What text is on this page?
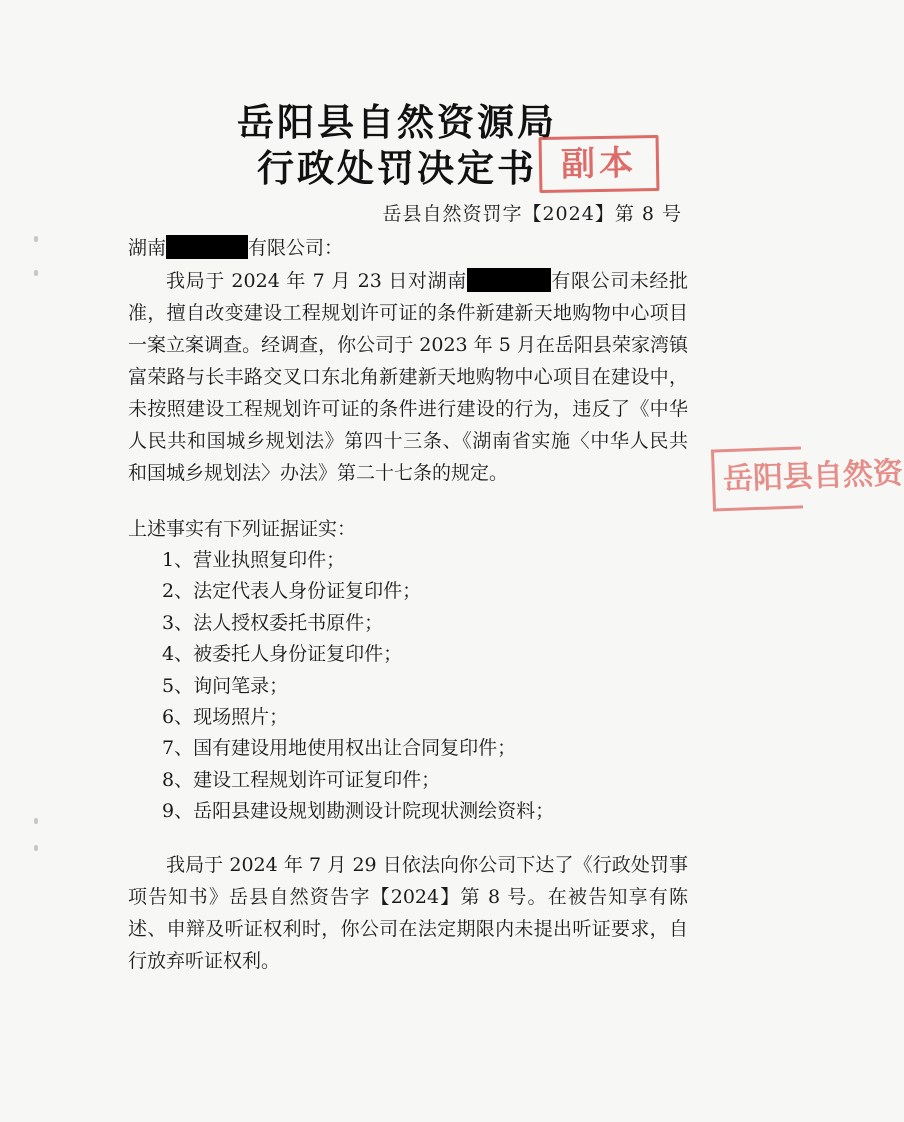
岳阳县自然资源局
行政处罚决定书 副本
岳县自然资罚字【2024】第 8 号
湖南	有限公司：
我局于 2024 年 7 月 23 日对湖南	有限公司未经批准，擅自改变建设工程规划许可证的条件新建新天地购物中心项目一案立案调查。经调查，你公司于 2023 年 5 月在岳阳县荣家湾镇富荣路与长丰路交叉口东北角新建新天地购物中心项目在建设中，未按照建设工程规划许可证的条件进行建设的行为，违反了《中华人民共和国城乡规划法》第四十三条、《湖南省实施〈中华人民共和国城乡规划法〉办法》第二十七条的规定。
上述事实有下列证据证实：
1、营业执照复印件；
2、法定代表人身份证复印件；
3、法人授权委托书原件；
4、被委托人身份证复印件；
5、询问笔录；
6、现场照片；
7、国有建设用地使用权出让合同复印件；
8、建设工程规划许可证复印件；
9、岳阳县建设规划勘测设计院现状测绘资料；
我局于 2024 年 7 月 29 日依法向你公司下达了《行政处罚事项告知书》岳县自然资告字【2024】第 8 号。在被告知享有陈述、申辩及听证权利时，你公司在法定期限内未提出听证要求，自行放弃听证权利。
岳阳县自然资
